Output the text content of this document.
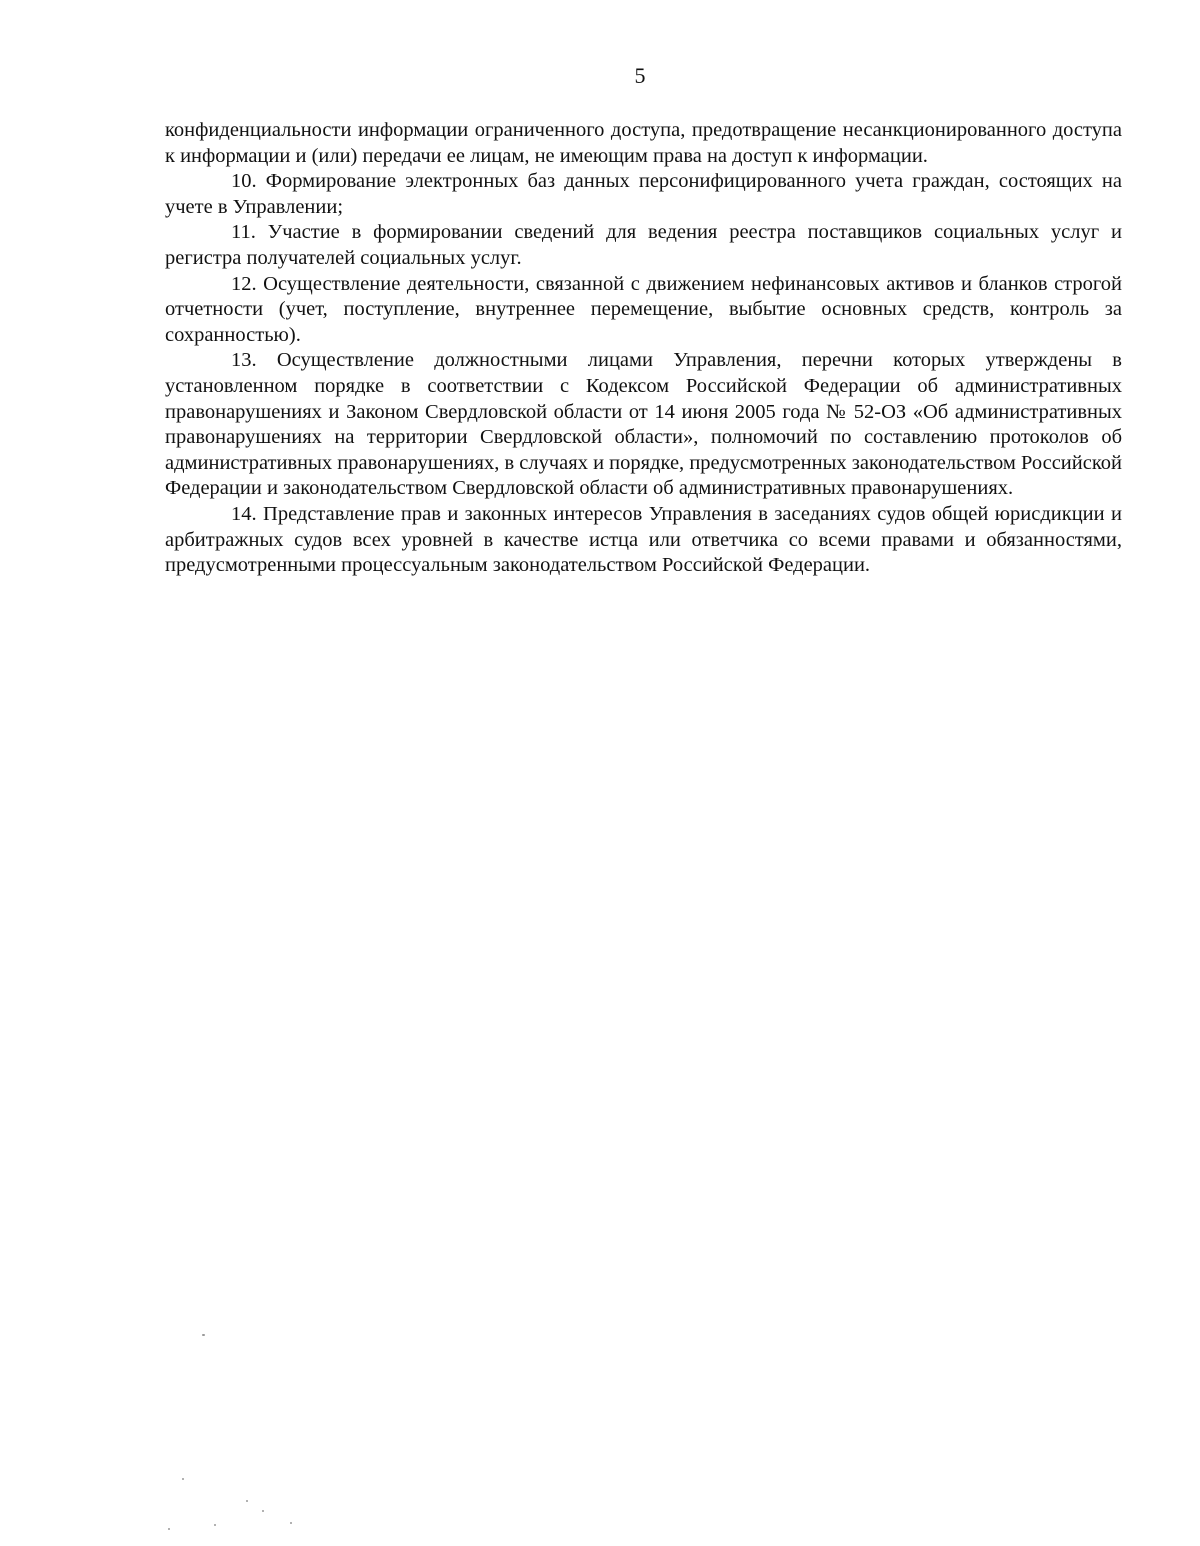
5

конфиденциальности информации ограниченного доступа, предотвращение несанкционированного доступа к информации и (или) передачи ее лицам, не имеющим права на доступ к информации.

10. Формирование электронных баз данных персонифицированного учета граждан, состоящих на учете в Управлении;

11. Участие в формировании сведений для ведения реестра поставщиков социальных услуг и регистра получателей социальных услуг.

12. Осуществление деятельности, связанной с движением нефинансовых активов и бланков строгой отчетности (учет, поступление, внутреннее перемещение, выбытие основных средств, контроль за сохранностью).

13. Осуществление должностными лицами Управления, перечни которых утверждены в установленном порядке в соответствии с Кодексом Российской Федерации об административных правонарушениях и Законом Свердловской области от 14 июня 2005 года № 52-ОЗ «Об административных правонарушениях на территории Свердловской области», полномочий по составлению протоколов об административных правонарушениях, в случаях и порядке, предусмотренных законодательством Российской Федерации и законодательством Свердловской области об административных правонарушениях.

14. Представление прав и законных интересов Управления в заседаниях судов общей юрисдикции и арбитражных судов всех уровней в качестве истца или ответчика со всеми правами и обязанностями, предусмотренными процессуальным законодательством Российской Федерации.
